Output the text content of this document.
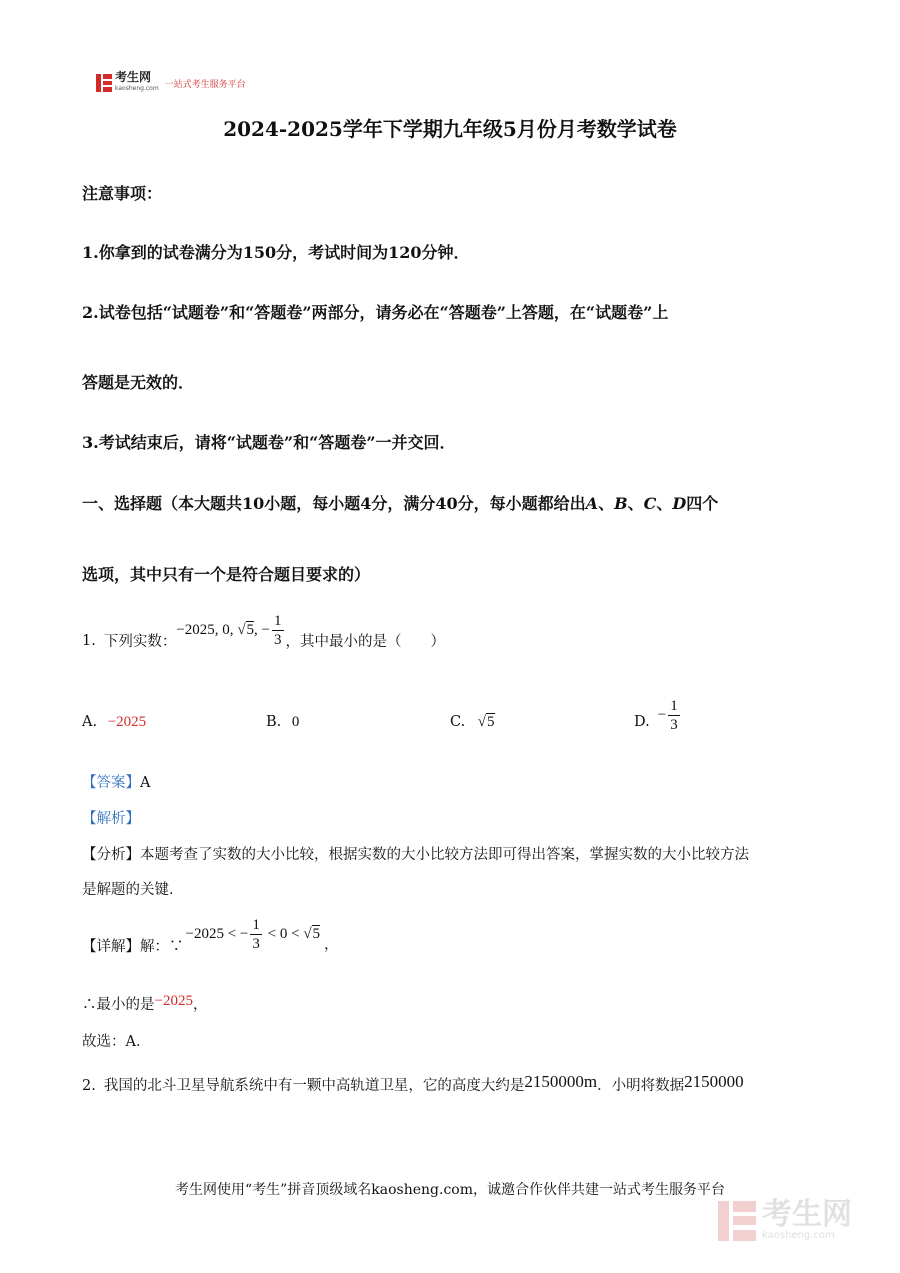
考生网
kaosheng.com 一站式考生服务平台
2024-2025学年下学期九年级5月份月考数学试卷
注意事项：
1.你拿到的试卷满分为150分，考试时间为120分钟．
2.试卷包括“试题卷”和“答题卷”两部分，请务必在“答题卷”上答题，在“试题卷”上
答题是无效的．
3.考试结束后，请将“试题卷”和“答题卷”一并交回．
一、选择题（本大题共10小题，每小题4分，满分40分，每小题都给出A、B、C、D四个
选项，其中只有一个是符合题目要求的）
1. 下列实数：
−2025, 0, √5, − $\frac{1}{3}$ ，其中最小的是（　　）
A. −2025	B. 0	C. √5	D. − $\frac{1}{3}$
【答案】A
【解析】
【分析】本题考查了实数的大小比较，根据实数的大小比较方法即可得出答案，掌握实数的大小比较方法
是解题的关键．
【详解】解：∵
−2025 < − $\frac{1}{3} < 0$ < √ 5
，
∴最小的是−2025，
故选：A．
2. 我国的北斗卫星导航系统中有一颗中高轨道卫星，它的高度大约是2150000m．小明将数据2150000
考生网使用“考生”拼音顶级域名kaosheng.com，诚邀合作伙伴共建一站式考生服务平台
考生网
kaosheng.com
